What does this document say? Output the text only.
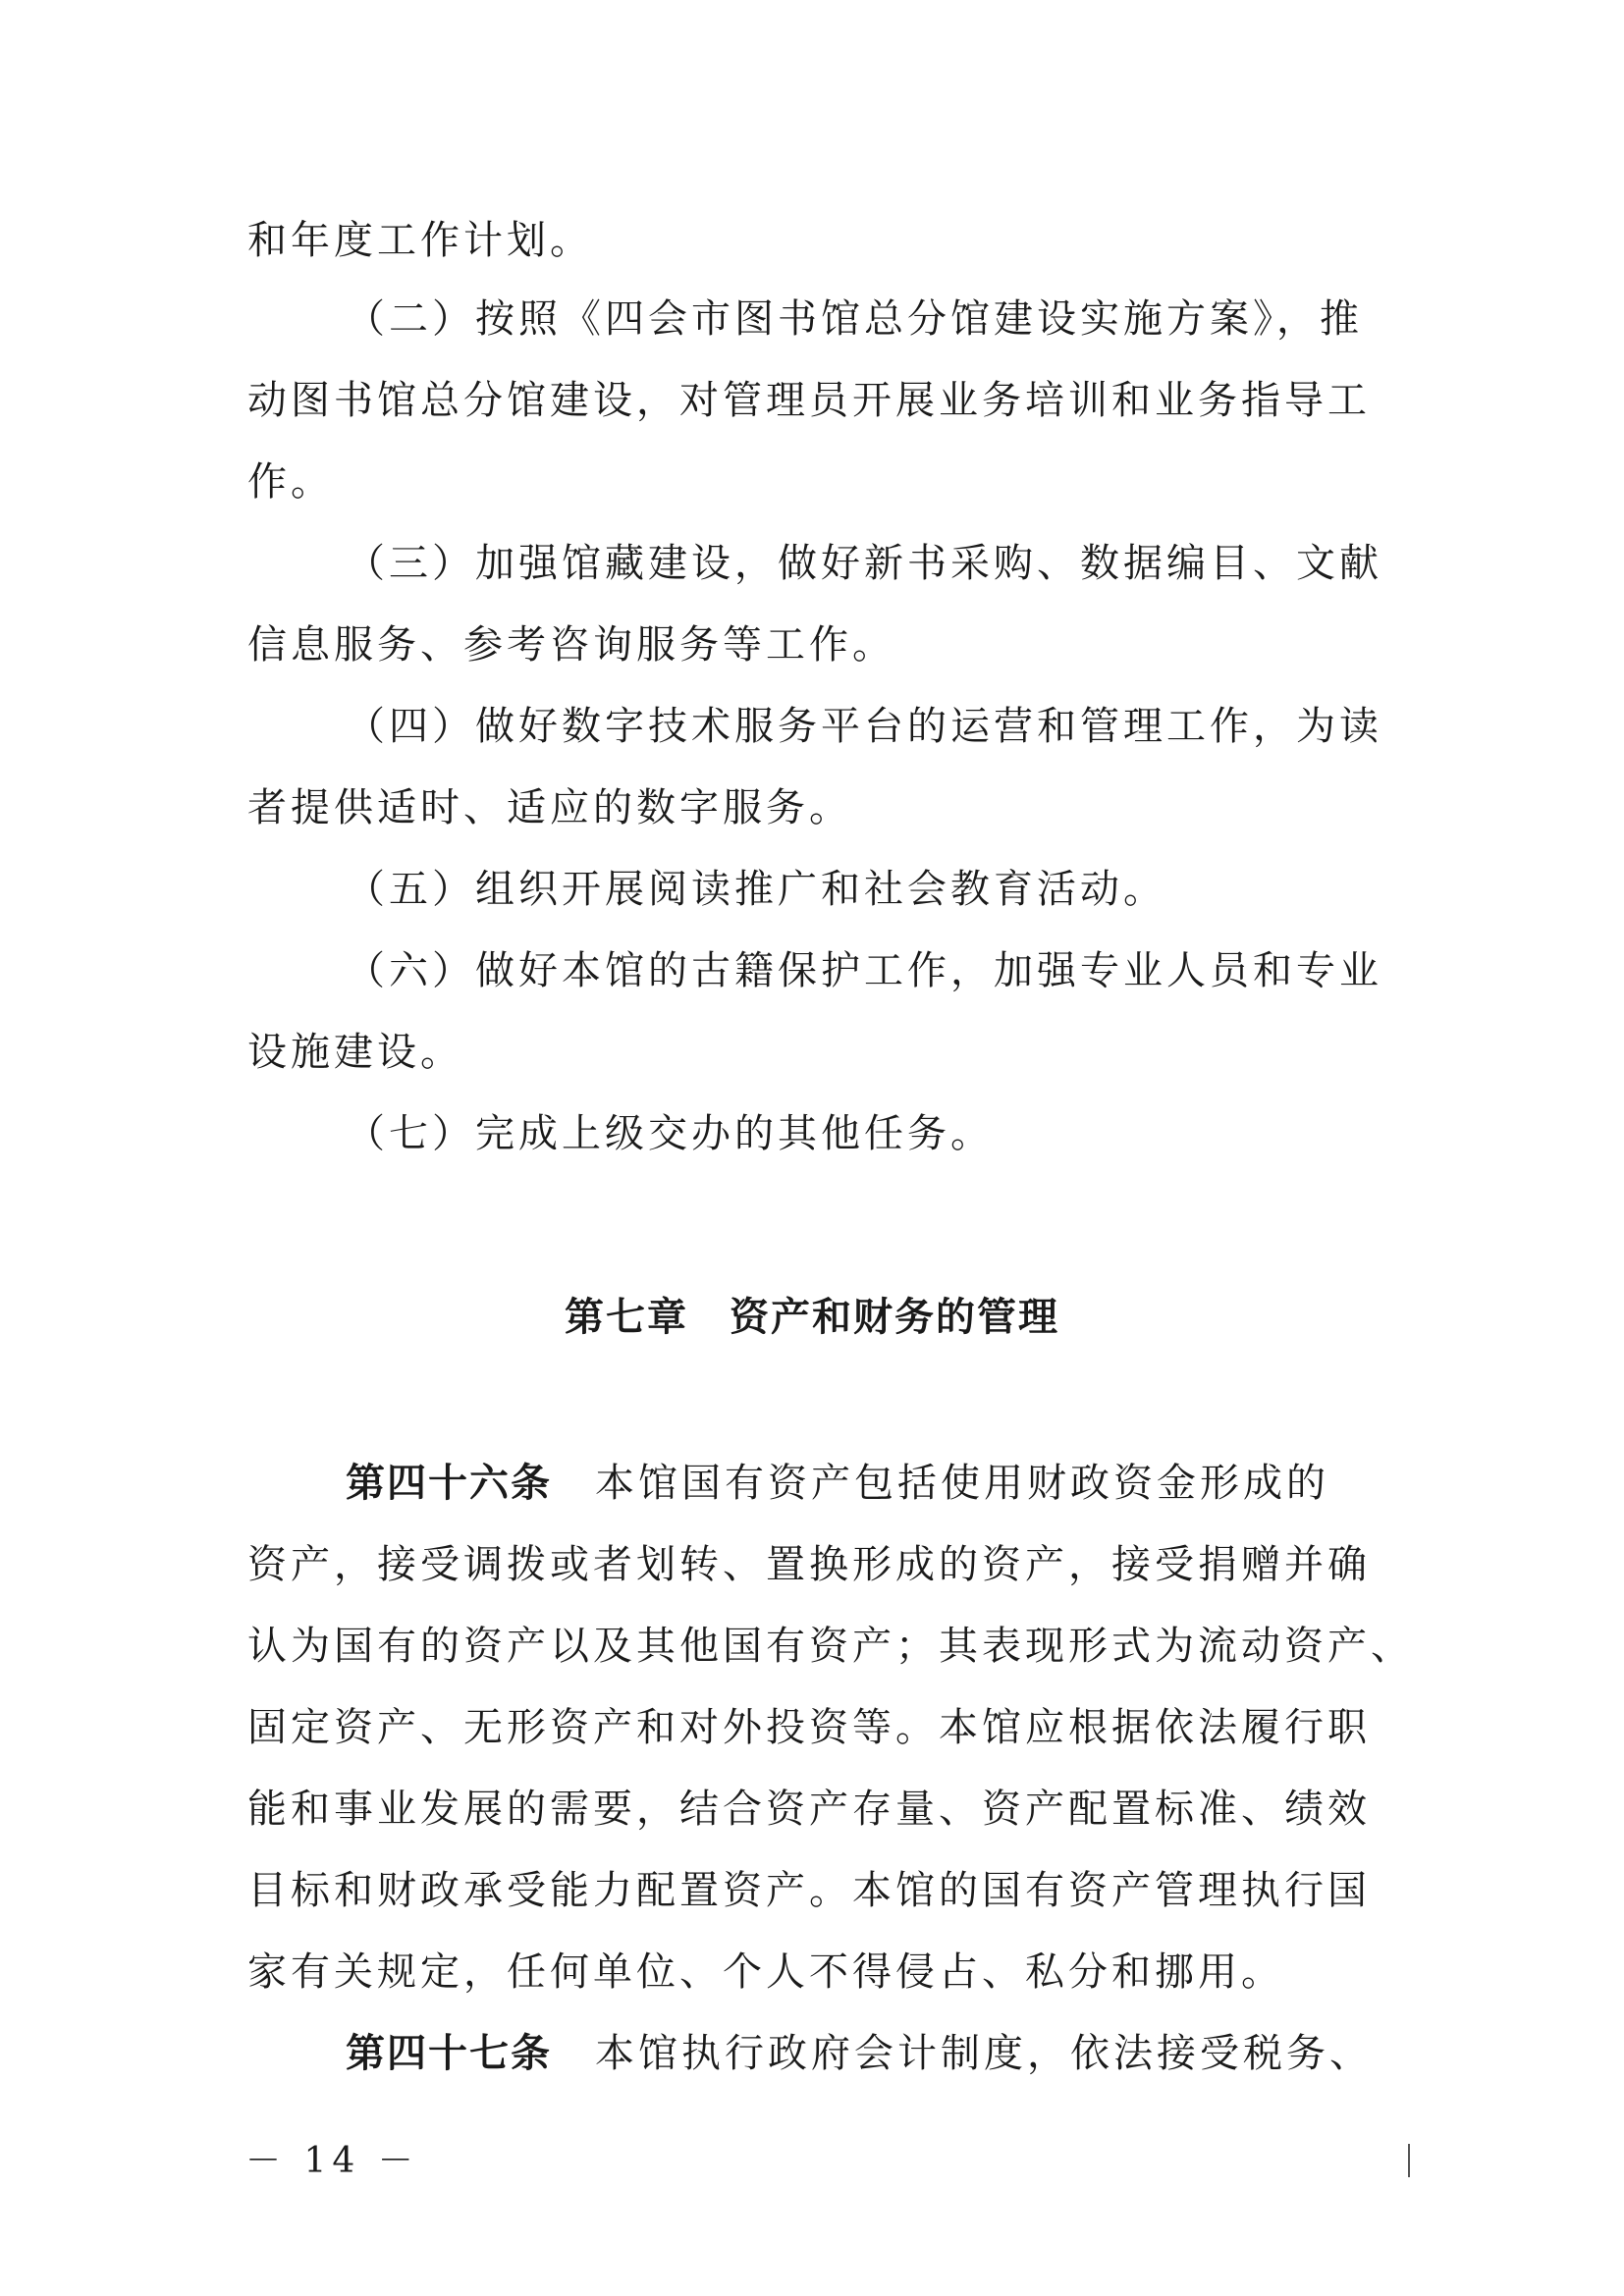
和年度工作计划。
（二）按照《四会市图书馆总分馆建设实施方案》，推
动图书馆总分馆建设，对管理员开展业务培训和业务指导工
作。
（三）加强馆藏建设，做好新书采购、数据编目、文献
信息服务、参考咨询服务等工作。
（四）做好数字技术服务平台的运营和管理工作，为读
者提供适时、适应的数字服务。
（五）组织开展阅读推广和社会教育活动。
（六）做好本馆的古籍保护工作，加强专业人员和专业
设施建设。
（七）完成上级交办的其他任务。
第七章　资产和财务的管理
第四十六条 本馆国有资产包括使用财政资金形成的
资产，接受调拨或者划转、置换形成的资产，接受捐赠并确
认为国有的资产以及其他国有资产；其表现形式为流动资产、
固定资产、无形资产和对外投资等。本馆应根据依法履行职
能和事业发展的需要，结合资产存量、资产配置标准、绩效
目标和财政承受能力配置资产。本馆的国有资产管理执行国
家有关规定，任何单位、个人不得侵占、私分和挪用。
第四十七条 本馆执行政府会计制度，依法接受税务、
－ 14 －
